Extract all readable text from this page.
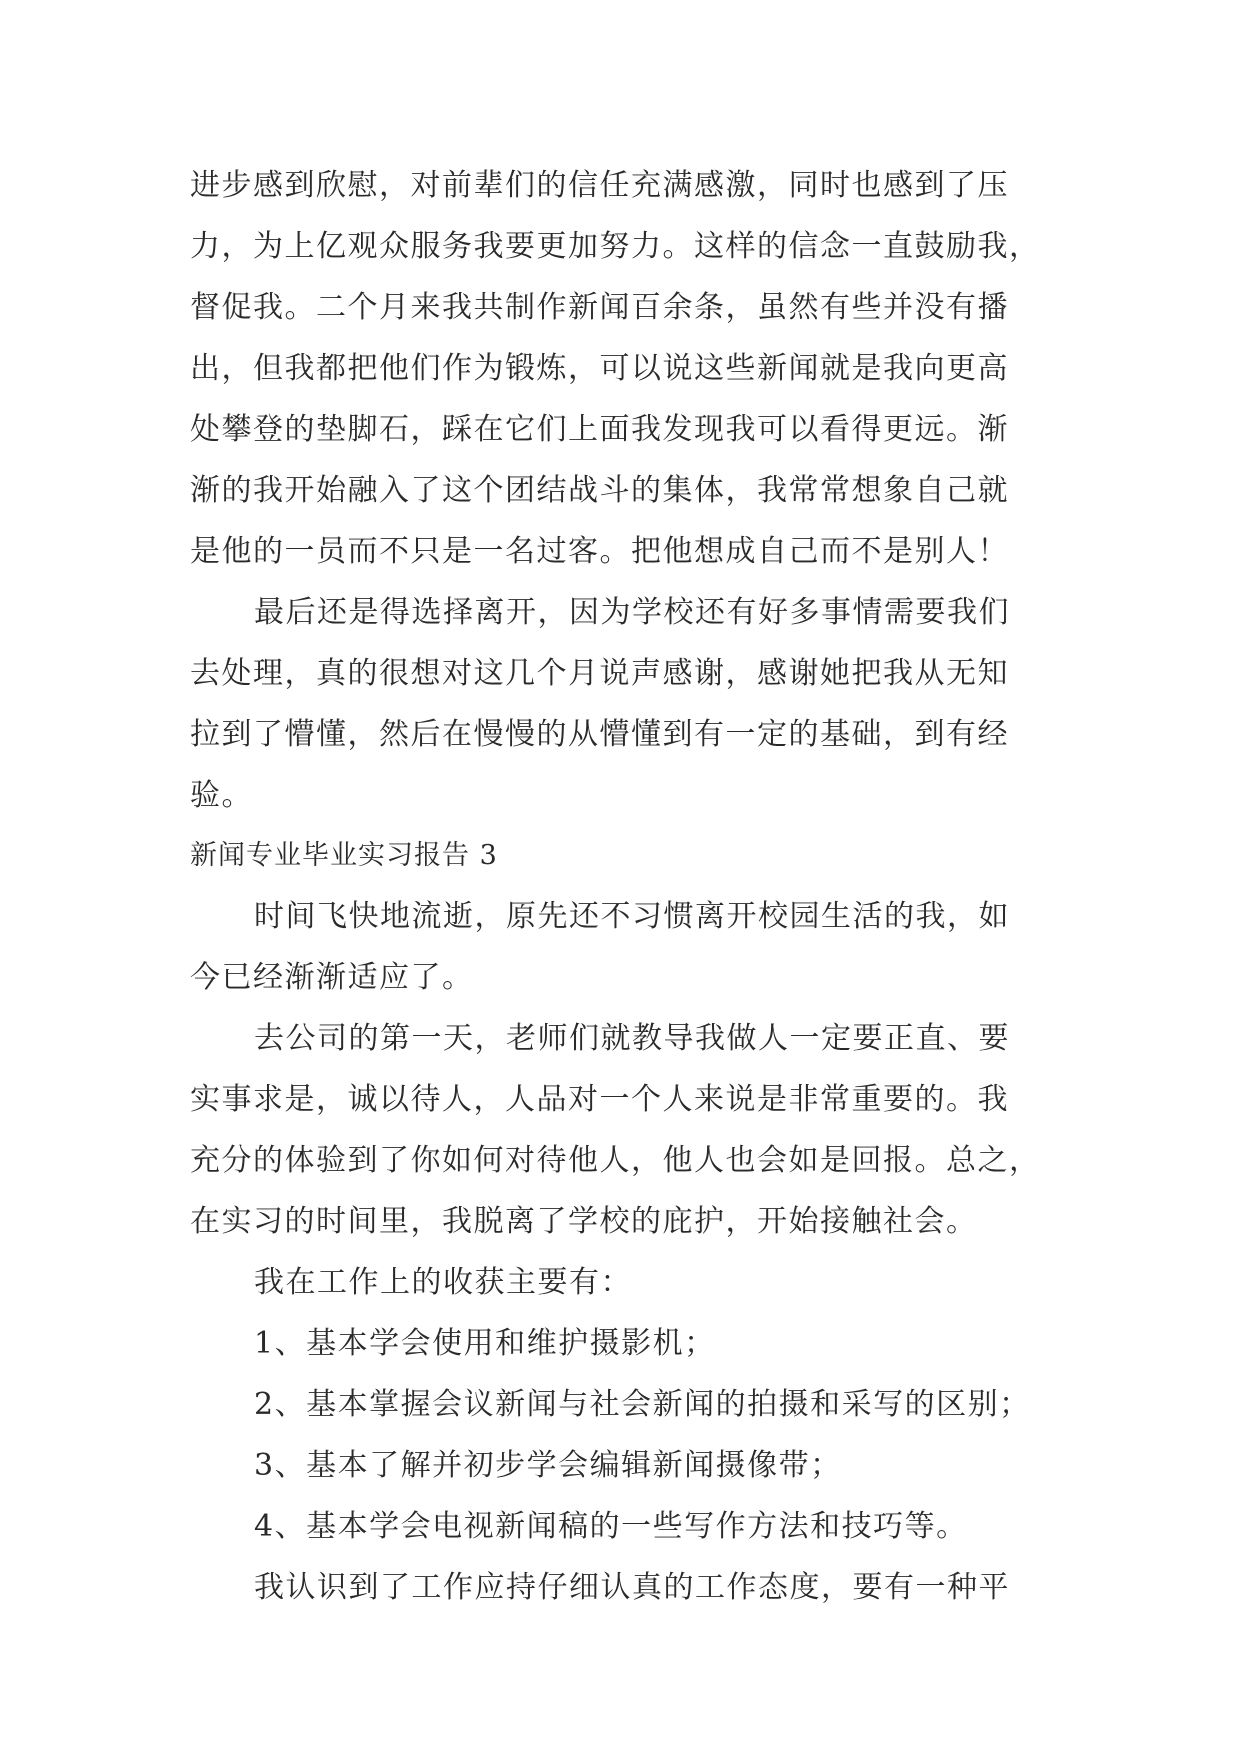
进步感到欣慰，对前辈们的信任充满感激，同时也感到了压
力，为上亿观众服务我要更加努力。这样的信念一直鼓励我，
督促我。二个月来我共制作新闻百余条，虽然有些并没有播
出，但我都把他们作为锻炼，可以说这些新闻就是我向更高
处攀登的垫脚石，踩在它们上面我发现我可以看得更远。渐
渐的我开始融入了这个团结战斗的集体，我常常想象自己就
是他的一员而不只是一名过客。把他想成自己而不是别人！
最后还是得选择离开，因为学校还有好多事情需要我们
去处理，真的很想对这几个月说声感谢，感谢她把我从无知
拉到了懵懂，然后在慢慢的从懵懂到有一定的基础，到有经
验。
新闻专业毕业实习报告 3
时间飞快地流逝，原先还不习惯离开校园生活的我，如
今已经渐渐适应了。
去公司的第一天，老师们就教导我做人一定要正直、要
实事求是，诚以待人，人品对一个人来说是非常重要的。我
充分的体验到了你如何对待他人，他人也会如是回报。总之，
在实习的时间里，我脱离了学校的庇护，开始接触社会。
我在工作上的收获主要有：
1、基本学会使用和维护摄影机；
2、基本掌握会议新闻与社会新闻的拍摄和采写的区别；
3、基本了解并初步学会编辑新闻摄像带；
4、基本学会电视新闻稿的一些写作方法和技巧等。
我认识到了工作应持仔细认真的工作态度，要有一种平
